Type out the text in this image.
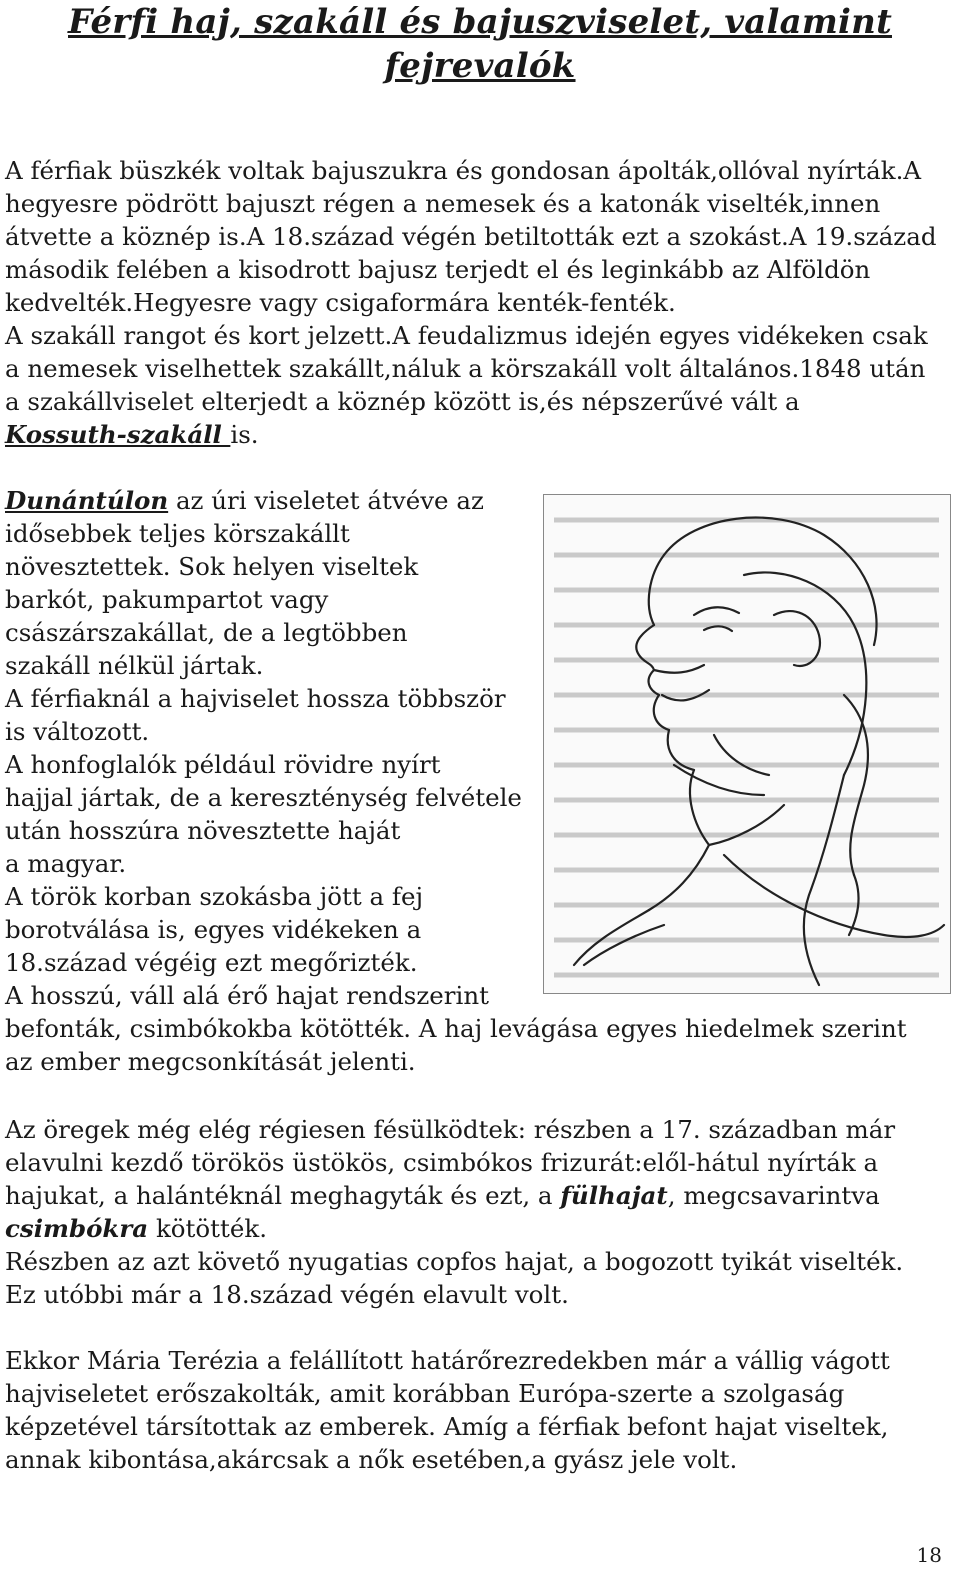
Férfi haj, szakáll és bajuszviselet, valamint
fejrevalók
A férfiak büszkék voltak bajuszukra és gondosan ápolták,ollóval nyírták.A
hegyesre pödrött bajuszt régen a nemesek és a katonák viselték,innen
átvette a köznép is.A 18.század végén betiltották ezt a szokást.A 19.század
második felében a kisodrott bajusz terjedt el és leginkább az Alföldön
kedvelték.Hegyesre vagy csigaformára kenték-fenték.
A szakáll rangot és kort jelzett.A feudalizmus idején egyes vidékeken csak
a nemesek viselhettek szakállt,náluk a körszakáll volt általános.1848 után
a szakállviselet elterjedt a köznép között is,és népszerűvé vált a
Kossuth-szakáll is.
Dunántúlon az úri viseletet átvéve az
idősebbek teljes körszakállt
növesztettek. Sok helyen viseltek
barkót, pakumpartot vagy
császárszakállat, de a legtöbben
szakáll nélkül jártak.
A férfiaknál a hajviselet hossza többször
is változott.
A honfoglalók például rövidre nyírt
hajjal jártak, de a kereszténység felvétele
után hosszúra növesztette haját
a magyar.
A török korban szokásba jött a fej
borotválása is, egyes vidékeken a
18.század végéig ezt megőrizték.
A hosszú, váll alá érő hajat rendszerint
befonták, csimbókokba kötötték. A haj levágása egyes hiedelmek szerint
az ember megcsonkítását jelenti.
Az öregek még elég régiesen fésülködtek: részben a 17. században már
elavulni kezdő törökös üstökös, csimbókos frizurát:elől-hátul nyírták a
hajukat, a halántéknál meghagyták és ezt, a fülhajat, megcsavarintva
csimbókra kötötték.
Részben az azt követő nyugatias copfos hajat, a bogozott tyikát viselték.
Ez utóbbi már a 18.század végén elavult volt.
Ekkor Mária Terézia a felállított határőrezredekben már a vállig vágott
hajviseletet erőszakolták, amit korábban Európa-szerte a szolgaság
képzetével társítottak az emberek. Amíg a férfiak befont hajat viseltek,
annak kibontása,akárcsak a nők esetében,a gyász jele volt.
18
